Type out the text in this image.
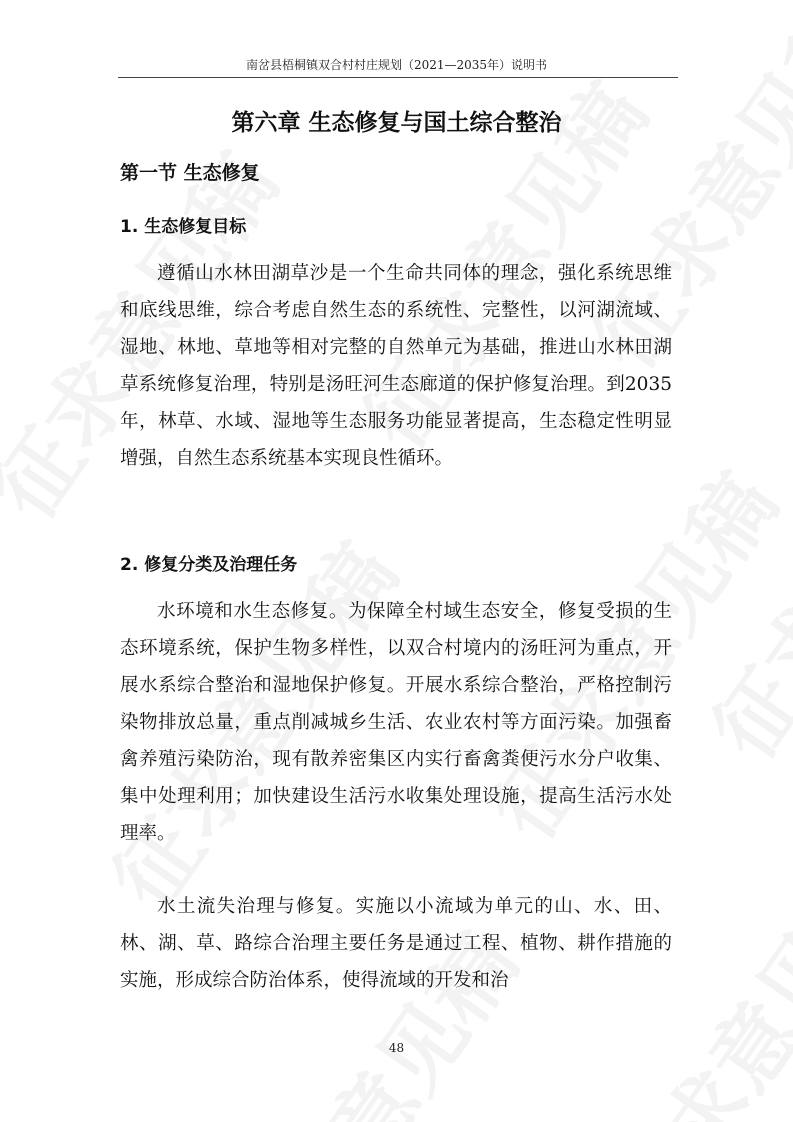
南岔县梧桐镇双合村村庄规划（2021—2035年）说明书
第六章 生态修复与国土综合整治
第一节 生态修复
1. 生态修复目标

遵循山水林田湖草沙是一个生命共同体的理念，强化系统思维和底线思维，综合考虑自然生态的系统性、完整性，以河湖流域、湿地、林地、草地等相对完整的自然单元为基础，推进山水林田湖草系统修复治理，特别是汤旺河生态廊道的保护修复治理。到2035年，林草、水域、湿地等生态服务功能显著提高，生态稳定性明显增强，自然生态系统基本实现良性循环。

2. 修复分类及治理任务

水环境和水生态修复。为保障全村域生态安全，修复受损的生态环境系统，保护生物多样性，以双合村境内的汤旺河为重点，开展水系综合整治和湿地保护修复。开展水系综合整治，严格控制污染物排放总量，重点削减城乡生活、农业农村等方面污染。加强畜禽养殖污染防治，现有散养密集区内实行畜禽粪便污水分户收集、集中处理利用；加快建设生活污水收集处理设施，提高生活污水处理率。

水土流失治理与修复。实施以小流域为单元的山、水、田、林、湖、草、路综合治理主要任务是通过工程、植物、耕作措施的实施，形成综合防治体系，使得流域的开发和治

48
